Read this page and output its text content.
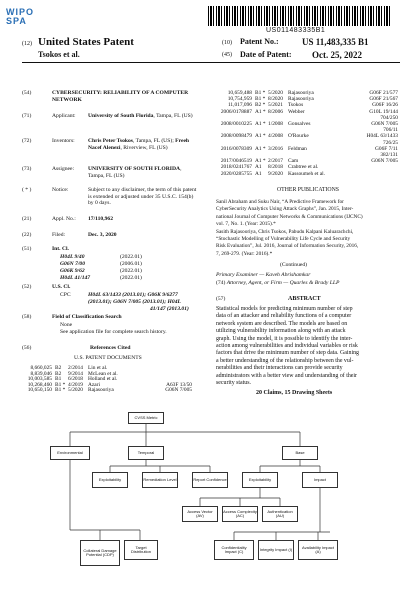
WIPO
SPA
US011483335B1
(12) United States Patent
Tsokos et al.
(10) Patent No.:	US 11,483,335 B1
(45) Date of Patent: Oct. 25, 2022
(54)	CYBERSECURITY: RELIABILITY OF A COMPUTER NETWORK
(71)	Applicant: University of South Florida, Tampa, FL (US)
(72)	Inventors: Chris Peter Tsokos, Tampa, FL (US); Freeh Nacef Alenezi, Riverview, FL (US)
(73)	Assignee: UNIVERSITY OF SOUTH FLORIDA, Tampa, FL (US)
( * )	Notice:	Subject to any disclaimer, the term of this patent is extended or adjusted under 35 U.S.C. 154(b) by 0 days.
(21)	Appl. No.: 17/110,962
(22)	Filed:	Dec. 3, 2020
(51)	Int. Cl.
H04L 9/40	(2022.01)
G06N 7/00	(2006.01)
G06K 9/62	(2022.01)
H04L 41/147	(2022.01)
(52)	U.S. Cl.
CPC	H04L 63/1433 (2013.01); G06K 9/6277
(2013.01); G06N 7/005 (2013.01); H04L
41/147 (2013.01)
(58)	Field of Classification Search
None
See application file for complete search history.
(56)	References Cited
U.S. PATENT DOCUMENTS
8,660,025 B2 2/2014 Lin et al.
8,839,046 B2 9/2014 McLean et al.
10,003,585 B1 6/2018 Holland et al.
10,268,460 B1 * 4/2019 Azari	A63F 13/50
10,650,150 B1 * 5/2020 Rajasooriya	G06N 7/005
10,659,488 B1 * 5/2020 Rajasooriya	G06F 21/577
10,754,959 B1 * 8/2020 Rajasooriya	G06F 21/567
11,017,096 B2 * 5/2021 Tsokos	G06F 16/26
2006/0178887 A1 * 8/2006 Webber	G10L 19/144
704/250
2008/0010225 A1 * 1/2008 Gonsalves	G06N 7/005
706/11
2008/0098479 A1 * 4/2008 O'Rourke	H04L 63/1433
726/25
2016/0078309 A1 * 3/2016 Feldman	G06F 7/11
382/131
2017/0046519 A1 * 2/2017 Cam	G06N 7/005
2018/0241767 A1 8/2018 Crabtree et al.
2020/0285755 A1 9/2020 Kassoumeh et al.
OTHER PUBLICATIONS
Sanil Abraham and Suku Nair, “A Predictive Framework for
CyberSecurity Analytics Using Attack Graphs”, Jan. 2015, Inter-
national Journal of Computer Networks & Communications (IJCNC)
vol. 7, No. 1. (Year: 2015).*
Sasith Rajasooriya, Chris Tsokos, Pabudu Kalpani Kaluarachchi,
“Stochastic Modelling of Vulnerability Life Cycle and Security
Risk Evaluation”, Jul. 2016, Journal of Information Security, 2016,
7, 269-279. (Year: 2016).*
(Continued)
Primary Examiner — Kaveh Abrishamkar
(74) Attorney, Agent, or Firm — Quarles & Brady LLP
(57)	ABSTRACT
Statistical models for predicting minimum number of step
data of an attacker and reliability functions of a computer
network system are described. The models are based on
utilizing vulnerability information along with an attack
graph. Using the model, it is possible to identify the inter-
action among vulnerabilities and individual variables or risk
factors that drive the minimum number of step data. Gaining
a better understanding of the relationship between the vul-
nerabilities and their interactions can provide security
administrators with a better view and understanding of their
security status.
20 Claims, 15 Drawing Sheets
CVSS Metric
Environmental	Temporal	Base
Exploitability	Remediation Level	Report Confidence	Exploitability	Impact
Access Vector (AV)
Access Complexity (AC)
Authentication (AU)
Collateral Damage Potential (CDP)
Target Distribution
Confidentiality Impact (C)	Integrity Impact (I)	Availability Impact (A)
